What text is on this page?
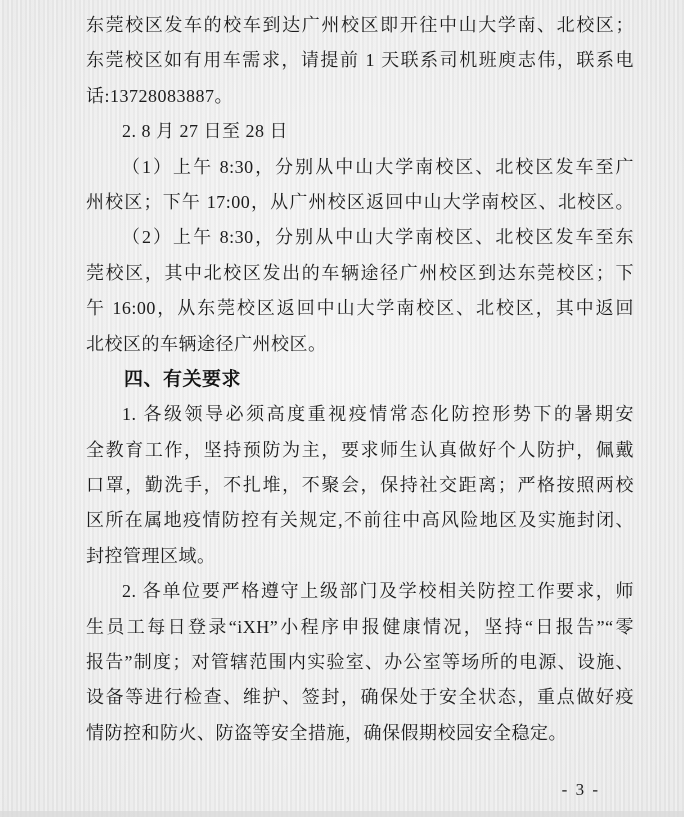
东莞校区发车的校车到达广州校区即开往中山大学南、北校区；
东莞校区如有用车需求，请提前 1 天联系司机班庾志伟，联系电
话:13728083887。
2. 8 月 27 日至 28 日
（1）上午 8:30，分别从中山大学南校区、北校区发车至广
州校区；下午 17:00，从广州校区返回中山大学南校区、北校区。
（2）上午 8:30，分别从中山大学南校区、北校区发车至东
莞校区，其中北校区发出的车辆途径广州校区到达东莞校区；下
午 16:00，从东莞校区返回中山大学南校区、北校区，其中返回
北校区的车辆途径广州校区。
四、有关要求
1. 各级领导必须高度重视疫情常态化防控形势下的暑期安
全教育工作，坚持预防为主，要求师生认真做好个人防护，佩戴
口罩，勤洗手，不扎堆，不聚会，保持社交距离；严格按照两校
区所在属地疫情防控有关规定,不前往中高风险地区及实施封闭、
封控管理区域。
2. 各单位要严格遵守上级部门及学校相关防控工作要求，师
生员工每日登录“iXH”小程序申报健康情况，坚持“日报告”“零
报告”制度；对管辖范围内实验室、办公室等场所的电源、设施、
设备等进行检查、维护、签封，确保处于安全状态，重点做好疫
情防控和防火、防盗等安全措施，确保假期校园安全稳定。
- 3 -
